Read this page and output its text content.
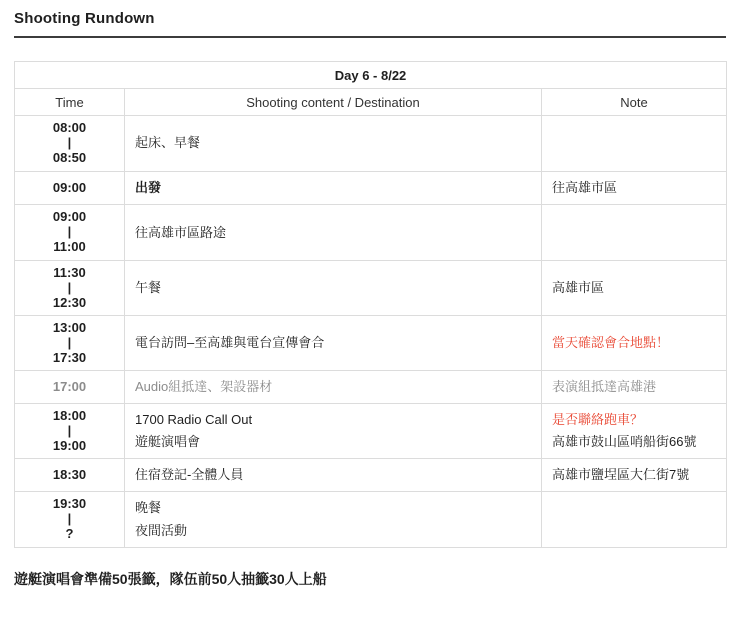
Shooting Rundown
Day 6 - 8/22		
Time	Shooting content / Destination	Note

08:00
|
08:50	起床、早餐	

09:00	出發	往高雄市區

09:00
|
11:00	往高雄市區路途	

11:30
|
12:30	午餐	高雄市區

13:00
|
17:30	電台訪問–至高雄與電台宣傳會合	當天確認會合地點！

17:00	Audio組抵達、架設器材	表演組抵達高雄港

18:00
|
19:00	1700 Radio Call Out
遊艇演唱會	是否聯絡跑車？
高雄市鼓山區哨船街66號

18:30	住宿登記-全體人員	高雄市鹽埕區大仁街7號

19:30
|
?	晚餐
夜間活動	

遊艇演唱會準備50張籤，隊伍前50人抽籤30人上船
